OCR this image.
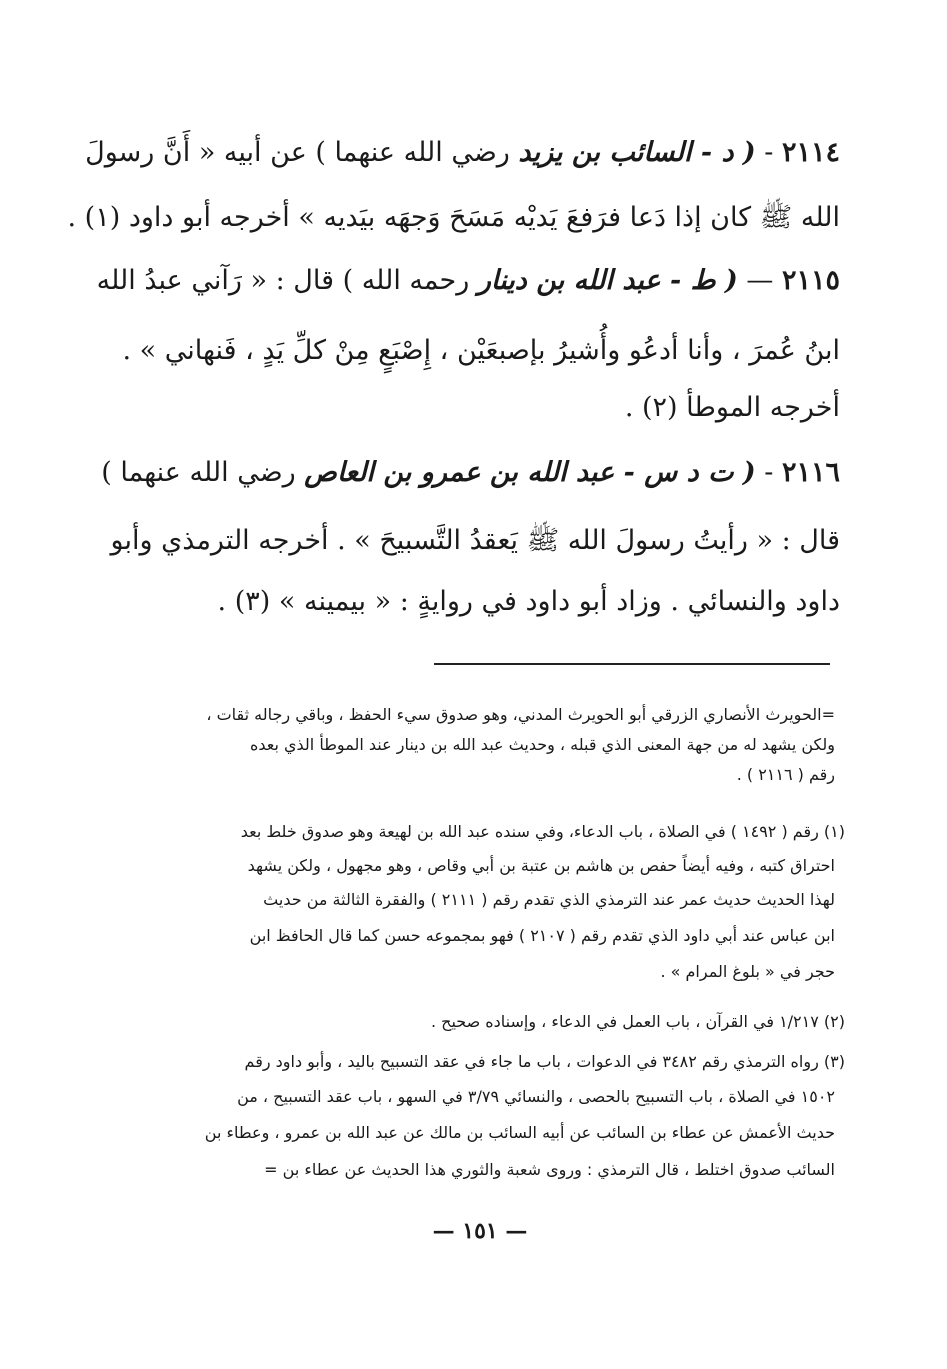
٢١١٤ - ( د - السائب بن يزيد رضي الله عنهما ) عن أبيه « أَنَّ رسولَ
الله ﷺ كان إذا دَعا فرَفعَ يَديْه مَسَحَ وَجهَه بيَديه » أخرجه أبو داود (١) .
٢١١٥ — ( ط - عبد الله بن دينار رحمه الله ) قال : « رَآني عبدُ الله
ابنُ عُمرَ ، وأنا أدعُو وأُشيرُ بإصبعَيْن ، إِصْبَعٍ مِنْ كلِّ يَدٍ ، فَنهاني » .
أخرجه الموطأ (٢) .
٢١١٦ - ( ت د س - عبد الله بن عمرو بن العاص رضي الله عنهما )
قال : « رأيتُ رسولَ الله ﷺ يَعقدُ التَّسبيحَ » . أخرجه الترمذي وأبو
داود والنسائي . وزاد أبو داود في روايةٍ : « بيمينه » (٣) .
=الحويرث الأنصاري الزرقي أبو الحويرث المدني، وهو صدوق سيء الحفظ ، وباقي رجاله ثقات ،
ولكن يشهد له من جهة المعنى الذي قبله ، وحديث عبد الله بن دينار عند الموطأ الذي بعده
رقم ( ٢١١٦ ) .
(١) رقم ( ١٤٩٢ ) في الصلاة ، باب الدعاء، وفي سنده عبد الله بن لهيعة وهو صدوق خلط بعد
احتراق كتبه ، وفيه أيضاً حفص بن هاشم بن عتبة بن أبي وقاص ، وهو مجهول ، ولكن يشهد
لهذا الحديث حديث عمر عند الترمذي الذي تقدم رقم ( ٢١١١ ) والفقرة الثالثة من حديث
ابن عباس عند أبي داود الذي تقدم رقم ( ٢١٠٧ ) فهو بمجموعه حسن كما قال الحافظ ابن
حجر في « بلوغ المرام » .
(٢) ١/٢١٧ في القرآن ، باب العمل في الدعاء ، وإسناده صحيح .
(٣) رواه الترمذي رقم ٣٤٨٢ في الدعوات ، باب ما جاء في عقد التسبيح باليد ، وأبو داود رقم
١٥٠٢ في الصلاة ، باب التسبيح بالحصى ، والنسائي ٣/٧٩ في السهو ، باب عقد التسبيح ، من
حديث الأعمش عن عطاء بن السائب عن أبيه السائب بن مالك عن عبد الله بن عمرو ، وعطاء بن
السائب صدوق اختلط ، قال الترمذي : وروى شعبة والثوري هذا الحديث عن عطاء بن =
— ١٥١ —
